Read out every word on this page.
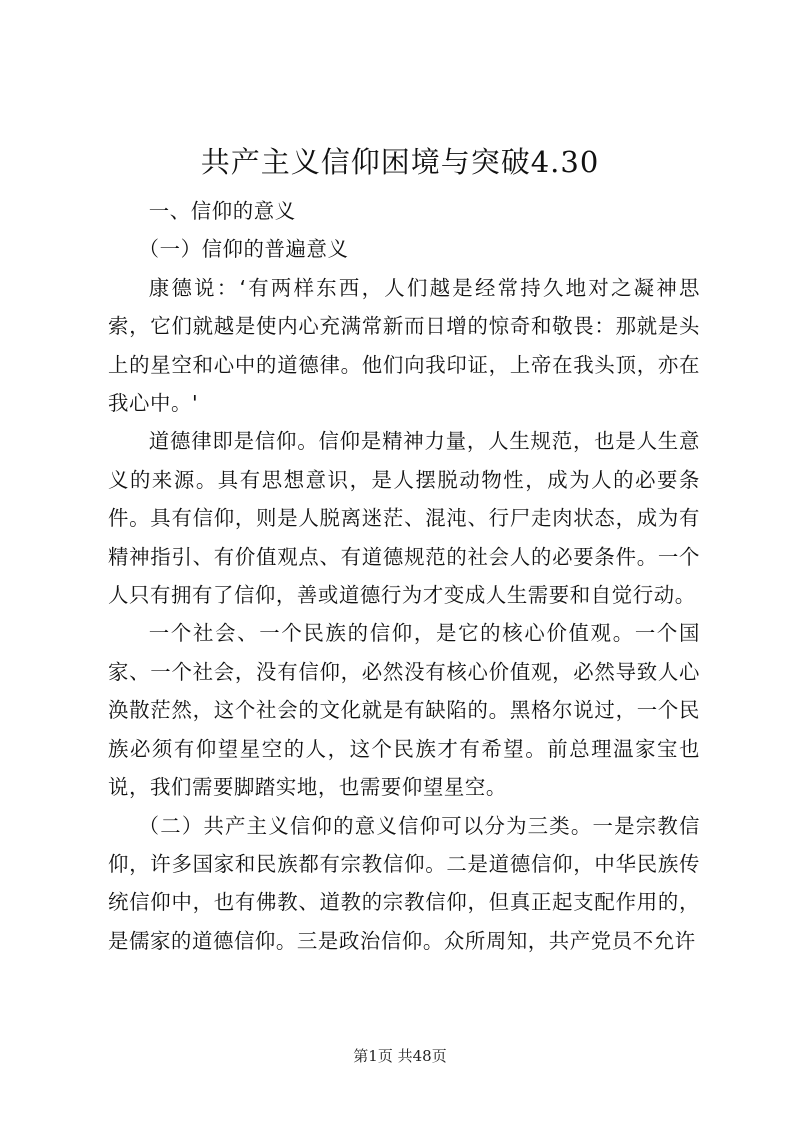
共产主义信仰困境与突破4.30

一、信仰的意义

（一）信仰的普遍意义

康德说：‘有两样东西，人们越是经常持久地对之凝神思索，它们就越是使内心充满常新而日增的惊奇和敬畏：那就是头上的星空和心中的道德律。他们向我印证，上帝在我头顶，亦在我心中。'

道德律即是信仰。信仰是精神力量，人生规范，也是人生意义的来源。具有思想意识，是人摆脱动物性，成为人的必要条件。具有信仰，则是人脱离迷茫、混沌、行尸走肉状态，成为有精神指引、有价值观点、有道德规范的社会人的必要条件。一个人只有拥有了信仰，善或道德行为才变成人生需要和自觉行动。

一个社会、一个民族的信仰，是它的核心价值观。一个国家、一个社会，没有信仰，必然没有核心价值观，必然导致人心涣散茫然，这个社会的文化就是有缺陷的。黑格尔说过，一个民族必须有仰望星空的人，这个民族才有希望。前总理温家宝也说，我们需要脚踏实地，也需要仰望星空。

（二）共产主义信仰的意义信仰可以分为三类。一是宗教信仰，许多国家和民族都有宗教信仰。二是道德信仰，中华民族传统信仰中，也有佛教、道教的宗教信仰，但真正起支配作用的，是儒家的道德信仰。三是政治信仰。众所周知，共产党员不允许

第1页 共48页
